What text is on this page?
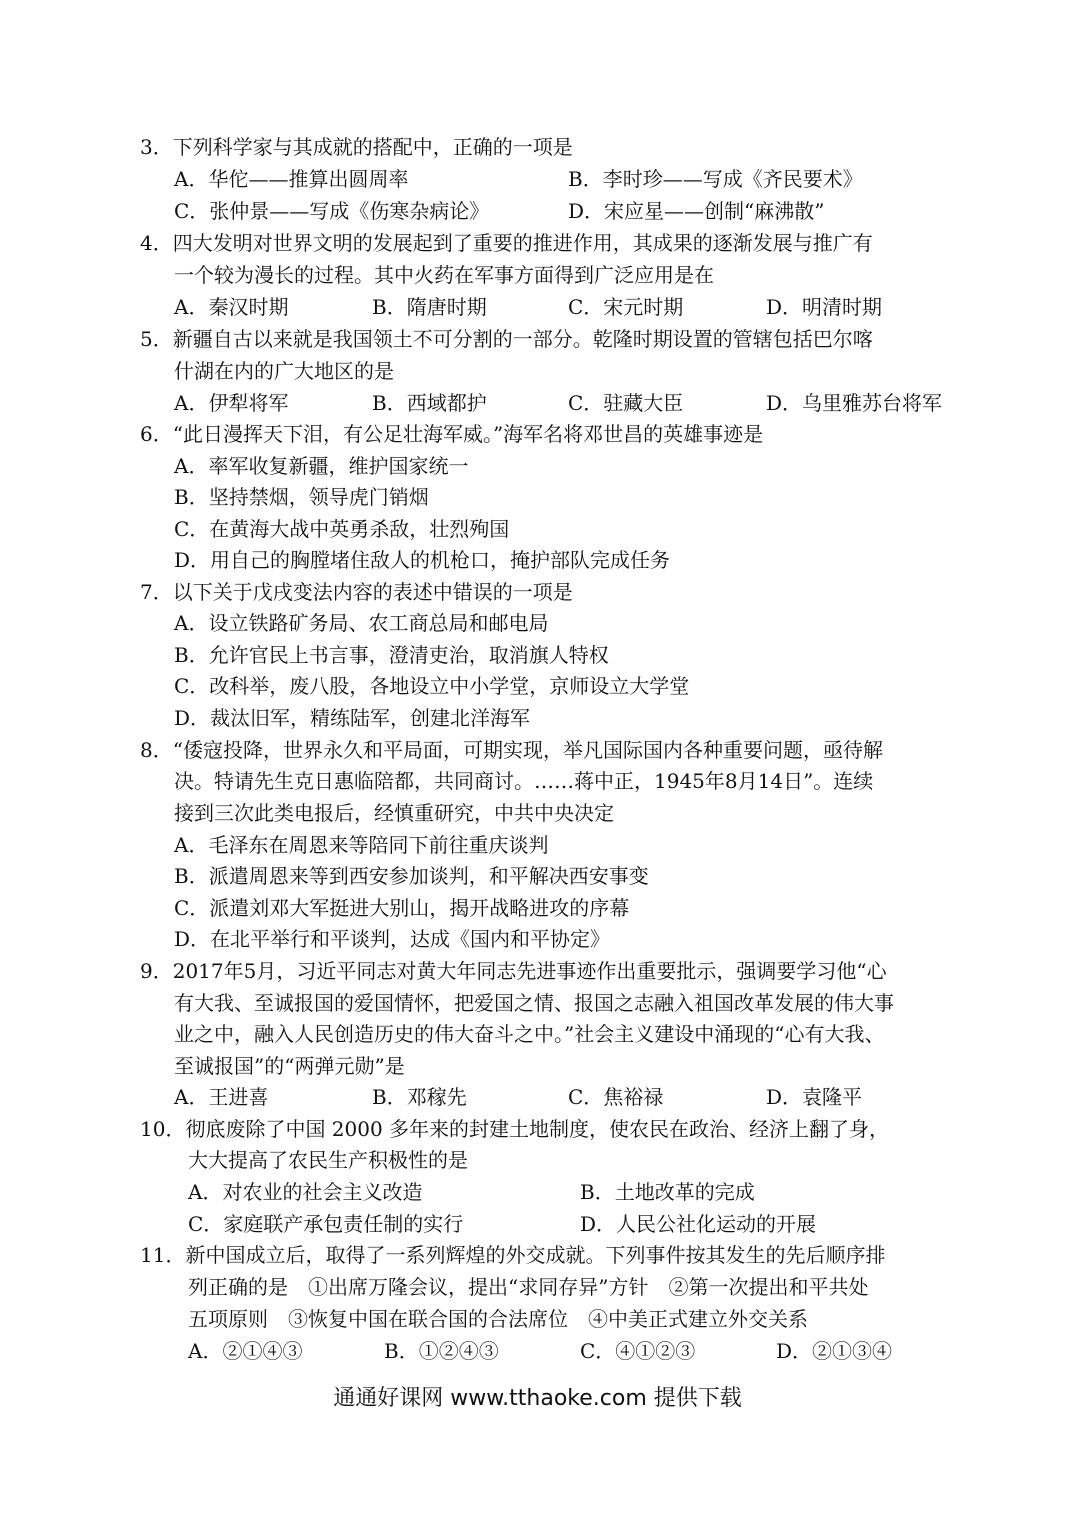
3．下列科学家与其成就的搭配中，正确的一项是
A．华佗——推算出圆周率	B．李时珍——写成《齐民要术》
C．张仲景——写成《伤寒杂病论》	D．宋应星——创制“麻沸散”
4．四大发明对世界文明的发展起到了重要的推进作用，其成果的逐渐发展与推广有
一个较为漫长的过程。其中火药在军事方面得到广泛应用是在
A．秦汉时期	B．隋唐时期	C．宋元时期	D．明清时期
5．新疆自古以来就是我国领土不可分割的一部分。乾隆时期设置的管辖包括巴尔喀
什湖在内的广大地区的是
A．伊犁将军	B．西域都护	C．驻藏大臣	D．乌里雅苏台将军
6．“此日漫挥天下泪，有公足壮海军威。”海军名将邓世昌的英雄事迹是
A．率军收复新疆，维护国家统一
B．坚持禁烟，领导虎门销烟
C．在黄海大战中英勇杀敌，壮烈殉国
D．用自己的胸膛堵住敌人的机枪口，掩护部队完成任务
7．以下关于戊戌变法内容的表述中错误的一项是
A．设立铁路矿务局、农工商总局和邮电局
B．允许官民上书言事，澄清吏治，取消旗人特权
C．改科举，废八股，各地设立中小学堂，京师设立大学堂
D．裁汰旧军，精练陆军，创建北洋海军
8．“倭寇投降，世界永久和平局面，可期实现，举凡国际国内各种重要问题，亟待解
决。特请先生克日惠临陪都，共同商讨。……蒋中正，1945年8月14日”。连续
接到三次此类电报后，经慎重研究，中共中央决定
A．毛泽东在周恩来等陪同下前往重庆谈判
B．派遣周恩来等到西安参加谈判，和平解决西安事变
C．派遣刘邓大军挺进大别山，揭开战略进攻的序幕
D．在北平举行和平谈判，达成《国内和平协定》
9．2017年5月，习近平同志对黄大年同志先进事迹作出重要批示，强调要学习他“心
有大我、至诚报国的爱国情怀，把爱国之情、报国之志融入祖国改革发展的伟大事
业之中，融入人民创造历史的伟大奋斗之中。”社会主义建设中涌现的“心有大我、
至诚报国”的“两弹元勋”是
A．王进喜	B．邓稼先	C．焦裕禄	D．袁隆平
10．彻底废除了中国 2000 多年来的封建土地制度，使农民在政治、经济上翻了身，
大大提高了农民生产积极性的是
A．对农业的社会主义改造	B．土地改革的完成
C．家庭联产承包责任制的实行	D．人民公社化运动的开展
11．新中国成立后，取得了一系列辉煌的外交成就。下列事件按其发生的先后顺序排
列正确的是　①出席万隆会议，提出“求同存异”方针　②第一次提出和平共处
五项原则　③恢复中国在联合国的合法席位　④中美正式建立外交关系
A．②①④③	B．①②④③	C．④①②③	D．②①③④
通通好课网 www.tthaoke.com 提供下载
